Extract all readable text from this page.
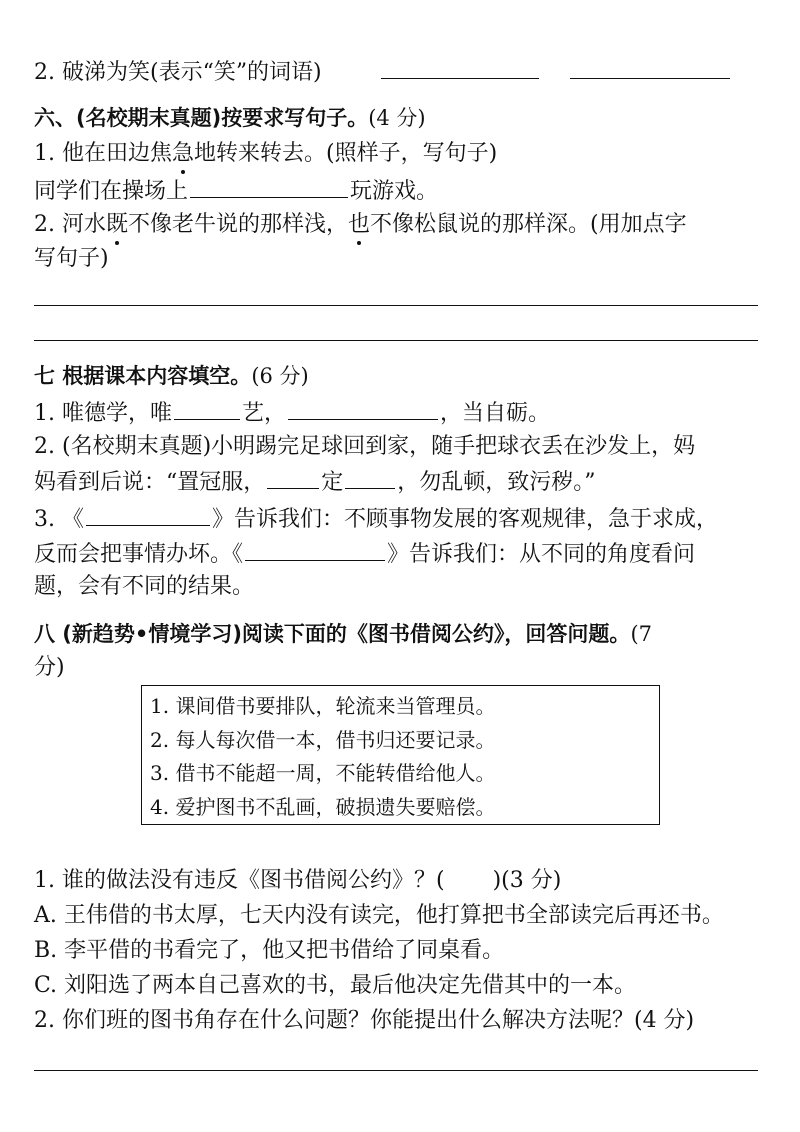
2. 破涕为笑(表示“笑”的词语)
六、(名校期末真题)按要求写句子。(4 分)
1. 他在田边焦急地转来转去。(照样子，写句子)
同学们在操场上	玩游戏。
2. 河水既不像老牛说的那样浅，也不像松鼠说的那样深。(用加点字
写句子)
七 根据课本内容填空。(6 分)
1. 唯德学，唯	艺，	，当自砺。
2. (名校期末真题)小明踢完足球回到家，随手把球衣丢在沙发上，妈
妈看到后说：“置冠服，	定 ，勿乱顿，致污秽。”
3. 《	》告诉我们：不顾事物发展的客观规律，急于求成，
反而会把事情办坏。《	》告诉我们：从不同的角度看问
题，会有不同的结果。
八 (新趋势•情境学习)阅读下面的《图书借阅公约》，回答问题。(7
分)
1. 课间借书要排队，轮流来当管理员。
2. 每人每次借一本，借书归还要记录。
3. 借书不能超一周，不能转借给他人。
4. 爱护图书不乱画，破损遗失要赔偿。
1. 谁的做法没有违反《图书借阅公约》？( )(3 分)
A. 王伟借的书太厚，七天内没有读完，他打算把书全部读完后再还书。
B. 李平借的书看完了，他又把书借给了同桌看。
C. 刘阳选了两本自己喜欢的书，最后他决定先借其中的一本。
2. 你们班的图书角存在什么问题？你能提出什么解决方法呢？(4 分)
